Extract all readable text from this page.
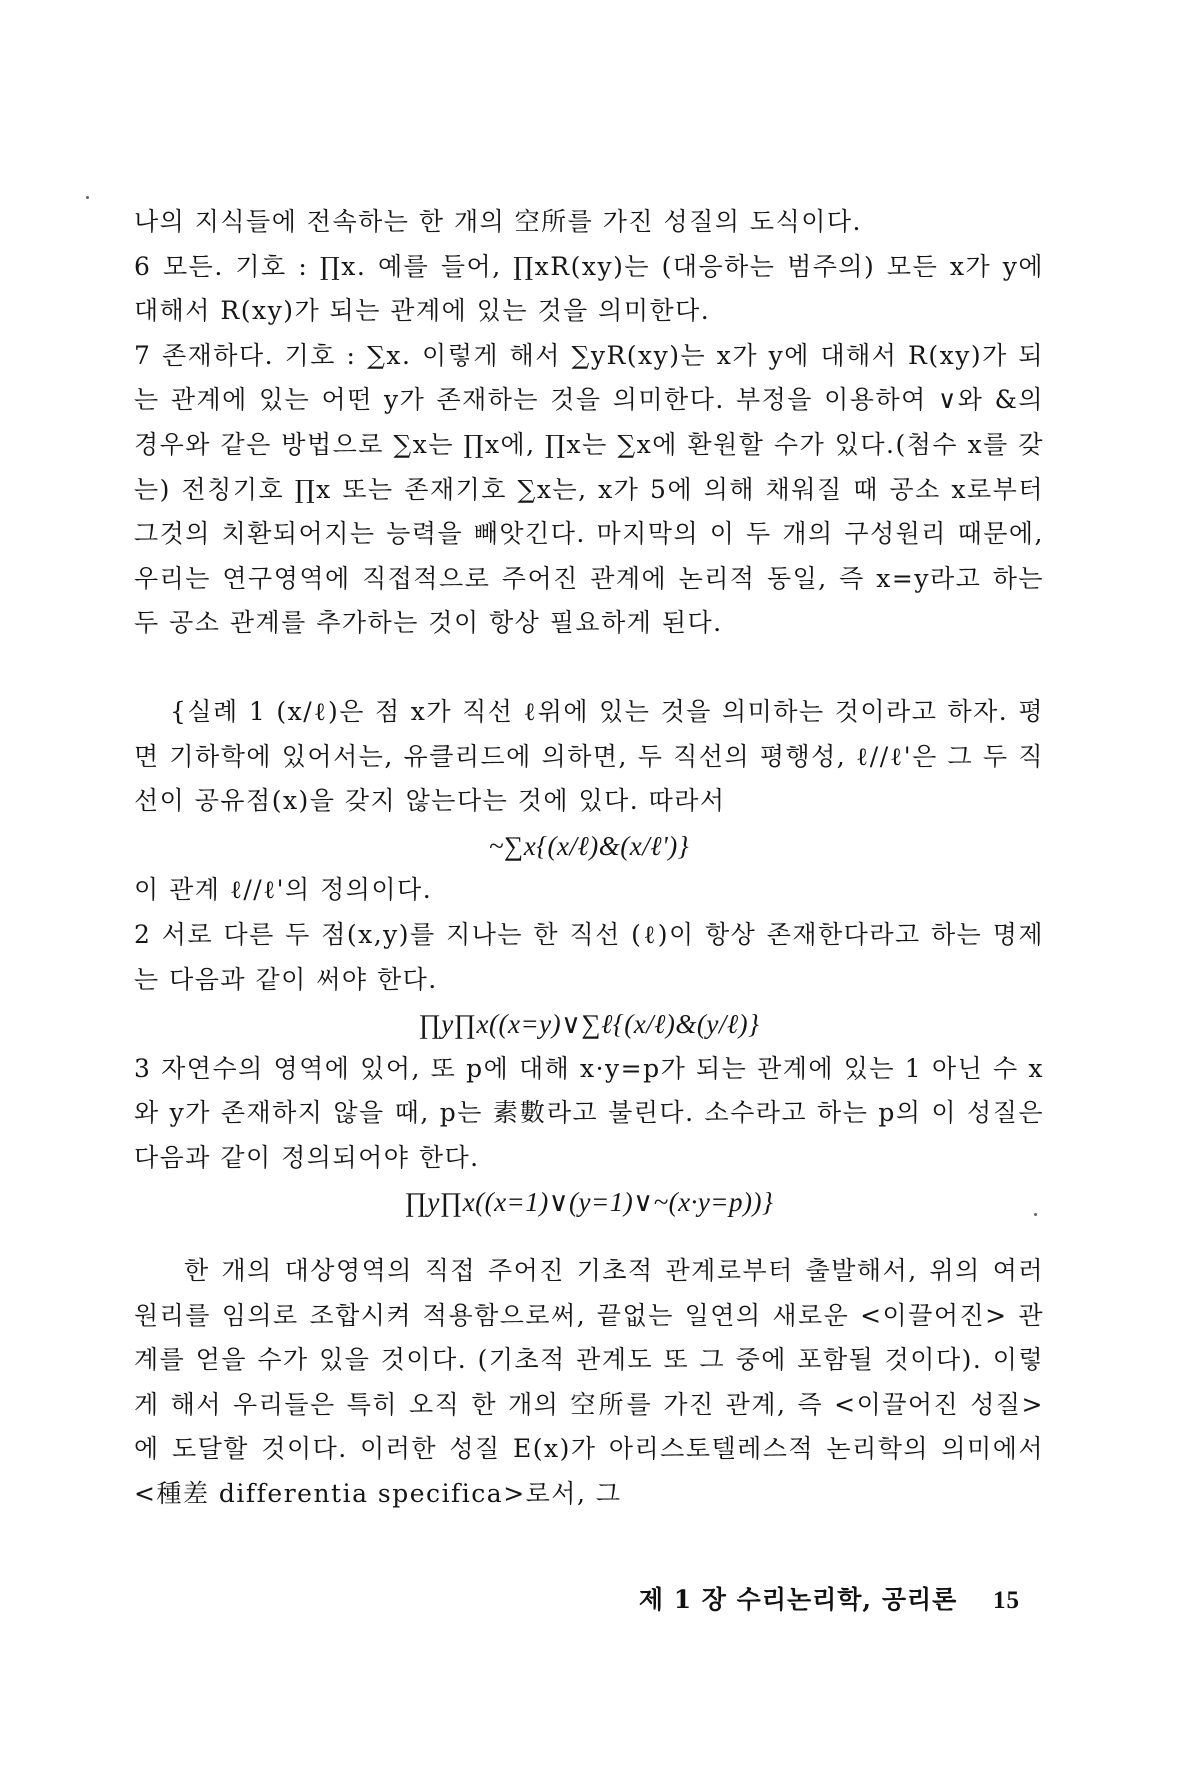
나의 지식들에 전속하는 한 개의 空所를 가진 성질의 도식이다.

6 모든. 기호 : ∏x. 예를 들어, ∏xR(xy)는 (대응하는 범주의) 모든 x가 y에 대해서 R(xy)가 되는 관계에 있는 것을 의미한다.

7 존재하다. 기호 : ∑x. 이렇게 해서 ∑yR(xy)는 x가 y에 대해서 R(xy)가 되는 관계에 있는 어떤 y가 존재하는 것을 의미한다. 부정을 이용하여 ∨와 &의 경우와 같은 방법으로 ∑x는 ∏x에, ∏x는 ∑x에 환원할 수가 있다.(첨수 x를 갖는) 전칭기호 ∏x 또는 존재기호 ∑x는, x가 5에 의해 채워질 때 공소 x로부터 그것의 치환되어지는 능력을 빼앗긴다. 마지막의 이 두 개의 구성원리 때문에, 우리는 연구영역에 직접적으로 주어진 관계에 논리적 동일, 즉 x=y라고 하는 두 공소 관계를 추가하는 것이 항상 필요하게 된다.

{실례 1 (x/ℓ)은 점 x가 직선 ℓ위에 있는 것을 의미하는 것이라고 하자. 평면 기하학에 있어서는, 유클리드에 의하면, 두 직선의 평행성, ℓ//ℓ'은 그 두 직선이 공유점(x)을 갖지 않는다는 것에 있다. 따라서

~∑x{(x/ℓ)&(x/ℓ')}

이 관계 ℓ//ℓ'의 정의이다.

2 서로 다른 두 점(x,y)를 지나는 한 직선 (ℓ)이 항상 존재한다라고 하는 명제는 다음과 같이 써야 한다.

∏y∏x((x=y)∨∑ℓ{(x/ℓ)&(y/ℓ)}

3 자연수의 영역에 있어, 또 p에 대해 x·y=p가 되는 관계에 있는 1 아닌 수 x와 y가 존재하지 않을 때, p는 素數라고 불린다. 소수라고 하는 p의 이 성질은 다음과 같이 정의되어야 한다.

∏y∏x((x=1)∨(y=1)∨~(x·y=p))}

한 개의 대상영역의 직접 주어진 기초적 관계로부터 출발해서, 위의 여러 원리를 임의로 조합시켜 적용함으로써, 끝없는 일연의 새로운 <이끌어진> 관계를 얻을 수가 있을 것이다. (기초적 관계도 또 그 중에 포함될 것이다). 이렇게 해서 우리들은 특히 오직 한 개의 空所를 가진 관계, 즉 <이끌어진 성질>에 도달할 것이다. 이러한 성질 E(x)가 아리스토텔레스적 논리학의 의미에서 <種差 differentia specifica>로서, 그

제 1 장 수리논리학, 공리론 15
